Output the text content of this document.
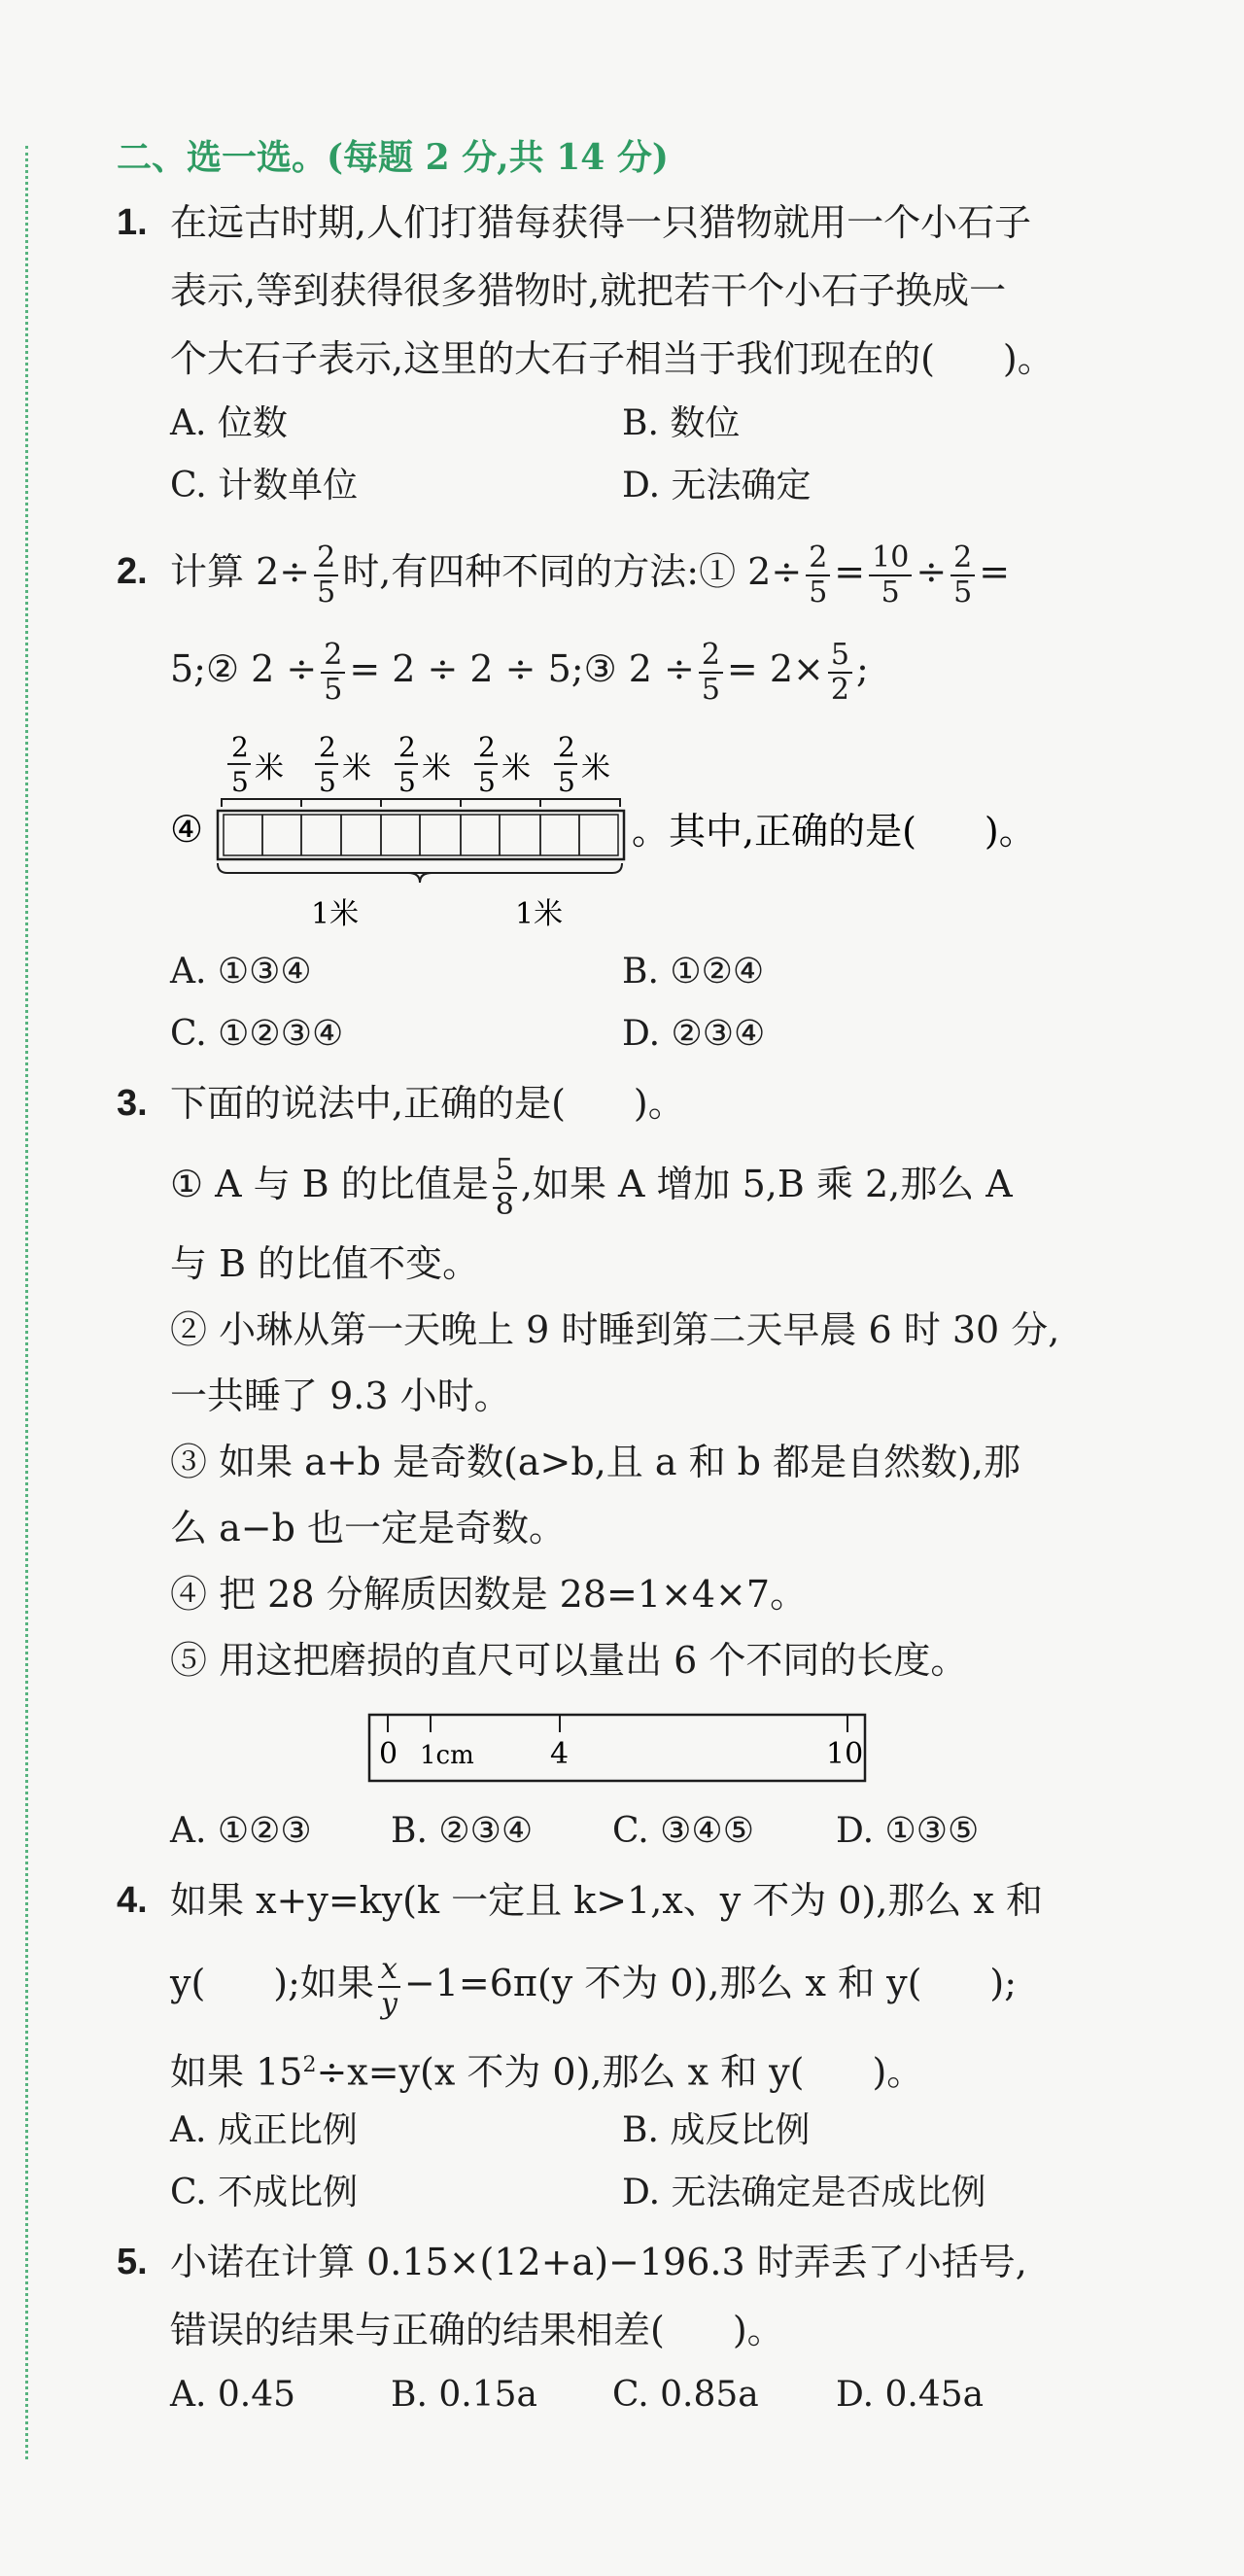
二、选一选。(每题 2 分,共 14 分)
1. 在远古时期,人们打猎每获得一只猎物就用一个小石子
表示,等到获得很多猎物时,就把若干个小石子换成一
个大石子表示,这里的大石子相当于我们现在的( )。
A. 位数	B. 数位
C. 计数单位	D. 无法确定
2. 计算 $2\div \frac{2}{5}$ 时,有四种不同的方法:① $2\div \frac{2}{5} = \frac{10}{5} \div \frac{2}{5}$ =
5;② $2 \div \frac{2}{5} = 2 \div 2$ ÷ 5;③ $2 \div \frac{2}{5} = 2\times \frac{5}{2}$ ;
④
2
5 米
2
5 米
2
5 米
2
5 米
2
5 米
1米	1米
。其中,正确的是( )。
A. ①③④	B. ①②④
C. ①②③④	D. ②③④
3. 下面的说法中,正确的是( )。
① A 与 B 的比值是 $\frac{5}{8}$ ,如果 A 增加 5,B 乘 2,那么 A
与 B 的比值不变。
② 小琳从第一天晚上 9 时睡到第二天早晨 6 时 30 分,
一共睡了 9.3 小时。
③ 如果 a+b 是奇数(a>b,且 a 和 b 都是自然数),那
么 a−b 也一定是奇数。
④ 把 28 分解质因数是 28=1×4×7。
⑤ 用这把磨损的直尺可以量出 6 个不同的长度。
0 1cm	4	10
A. ①②③ B. ②③④ C. ③④⑤ D. ①③⑤
4. 如果 x+y=ky(k 一定且 k>1,x、y 不为 0),那么 x 和
y( );如果 $\frac{x}{y} -1=6\pi(y$ 不为 0),那么 x 和 y( );
如果 $15^2\div x=y(x$ 不为 0),那么 x 和 y( )。
A. 成正比例	B. 成反比例
C. 不成比例	D. 无法确定是否成比例
5. 小诺在计算 0.15×(12+a)−196.3 时弄丢了小括号,
错误的结果与正确的结果相差( )。
A. 0.45	B. 0.15a C. 0.85a D. 0.45a
